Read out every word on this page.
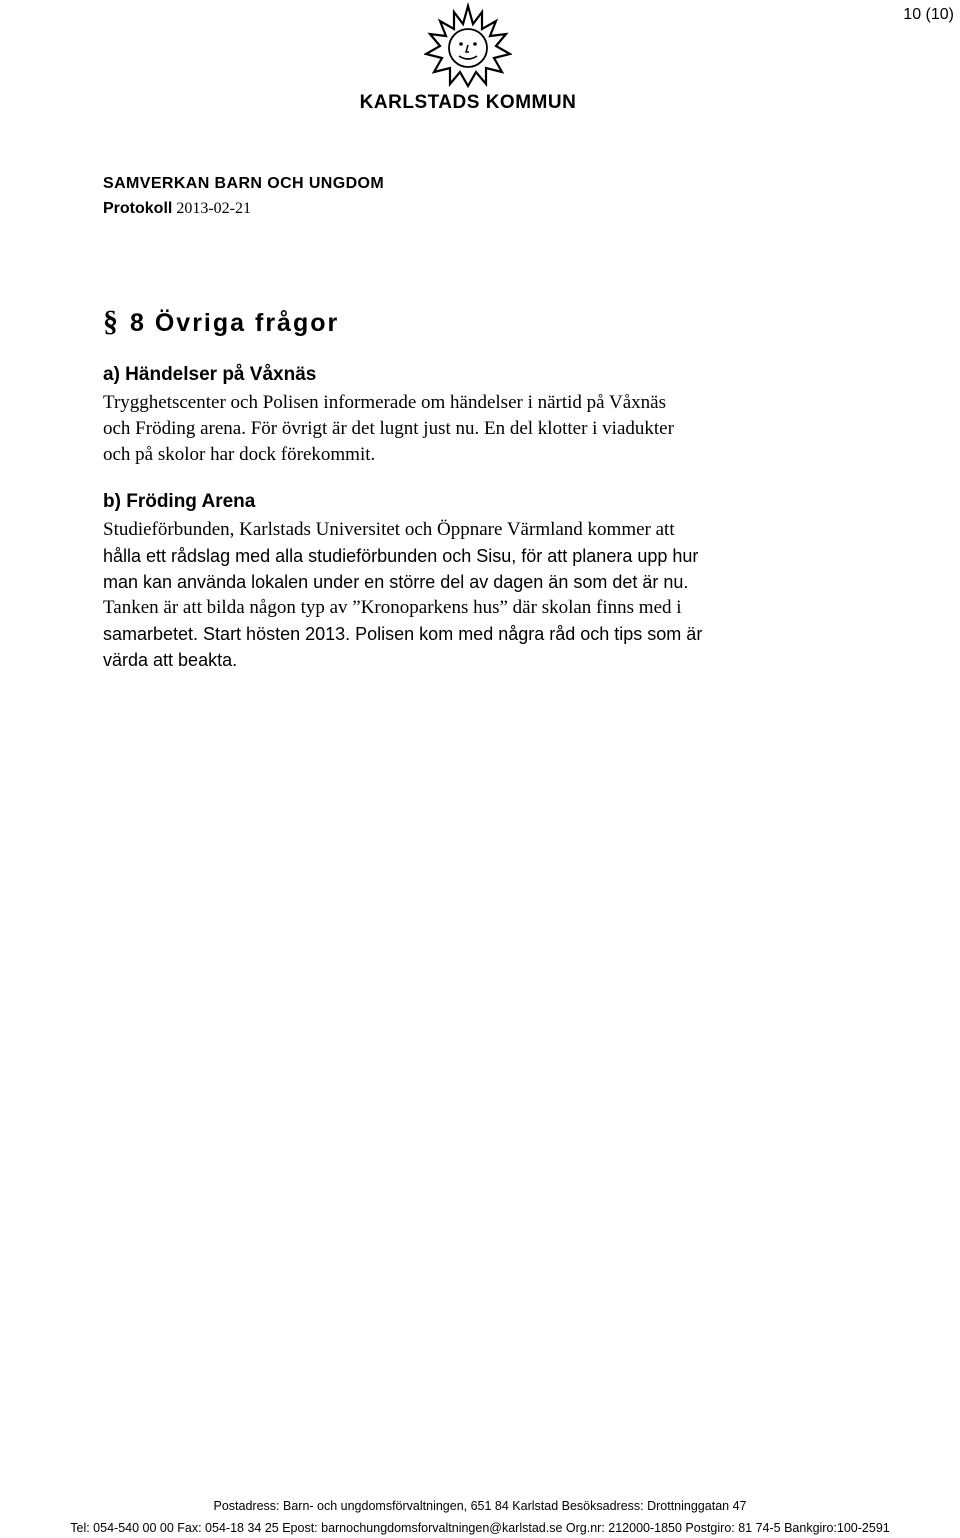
10 (10)
KARLSTADS KOMMUN
SAMVERKAN BARN OCH UNGDOM
Protokoll 2013-02-21
§ 8 Övriga frågor
a) Händelser på Våxnäs
Trygghetscenter och Polisen informerade om händelser i närtid på Våxnäs
och Fröding arena. För övrigt är det lugnt just nu. En del klotter i viadukter
och på skolor har dock förekommit.
b) Fröding Arena
Studieförbunden, Karlstads Universitet och Öppnare Värmland kommer att
hålla ett rådslag med alla studieförbunden och Sisu, för att planera upp hur
man kan använda lokalen under en större del av dagen än som det är nu.
Tanken är att bilda någon typ av ”Kronoparkens hus” där skolan finns med i
samarbetet. Start hösten 2013. Polisen kom med några råd och tips som är
värda att beakta.
Postadress: Barn- och ungdomsförvaltningen, 651 84 Karlstad Besöksadress: Drottninggatan 47
Tel: 054-540 00 00 Fax: 054-18 34 25 Epost: barnochungdomsforvaltningen@karlstad.se Org.nr: 212000-1850 Postgiro: 81 74-5 Bankgiro:100-2591
